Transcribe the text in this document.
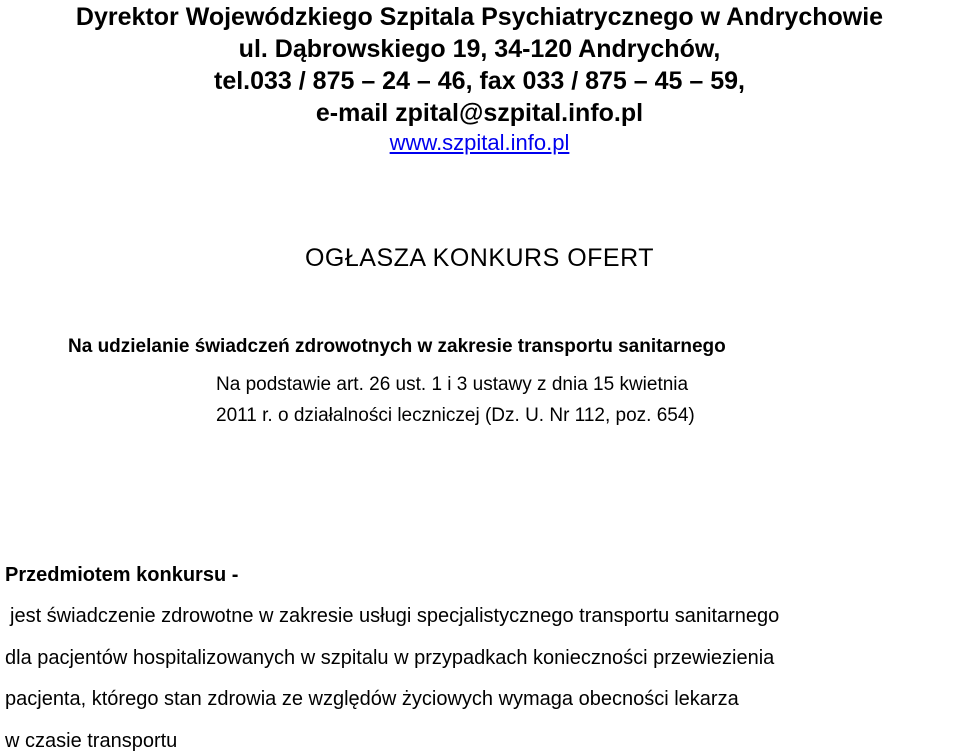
Dyrektor Wojewódzkiego Szpitala Psychiatrycznego w Andrychowie
ul. Dąbrowskiego 19, 34-120 Andrychów,
tel.033 / 875 – 24 – 46, fax 033 / 875 – 45 – 59,
e-mail zpital@szpital.info.pl
www.szpital.info.pl
OGŁASZA KONKURS OFERT
Na udzielanie świadczeń zdrowotnych w zakresie transportu sanitarnego
Na podstawie art. 26 ust. 1 i 3 ustawy z dnia 15 kwietnia
2011 r. o działalności leczniczej (Dz. U. Nr 112, poz. 654)
Przedmiotem konkursu -
jest świadczenie zdrowotne w zakresie usługi specjalistycznego transportu sanitarnego
dla pacjentów hospitalizowanych w szpitalu w przypadkach konieczności przewiezienia
pacjenta, którego stan zdrowia ze względów życiowych wymaga obecności lekarza
w czasie transportu
